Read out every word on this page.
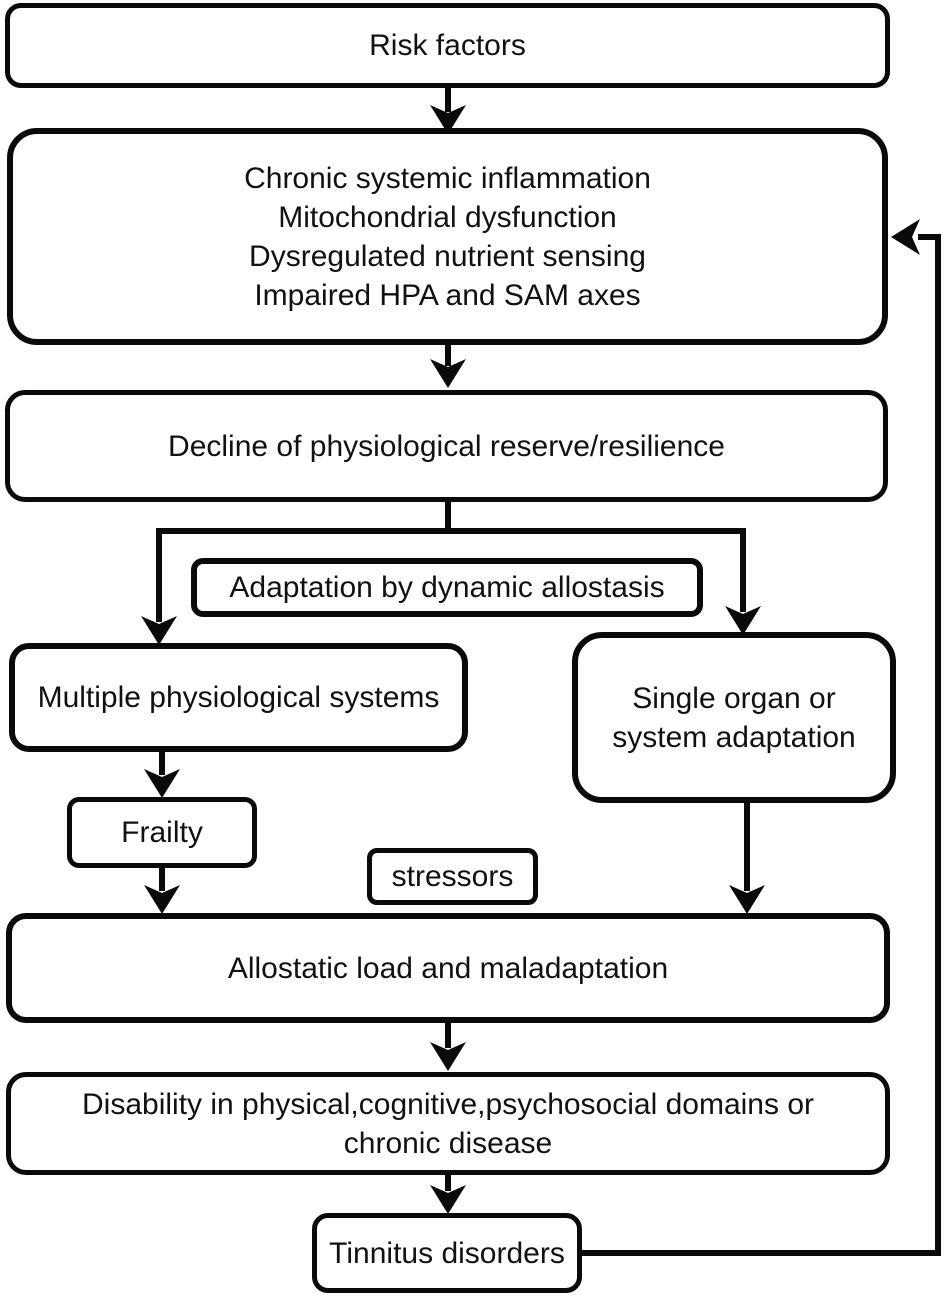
Risk factors
Chronic systemic inflammation
Mitochondrial dysfunction
Dysregulated nutrient sensing
Impaired HPA and SAM axes
Decline of physiological reserve/resilience
Adaptation by dynamic allostasis
Multiple physiological systems	Single organ or
system adaptation
Frailty
stressors
Allostatic load and maladaptation
Disability in physical,cognitive,psychosocial domains or
chronic disease
Tinnitus disorders
